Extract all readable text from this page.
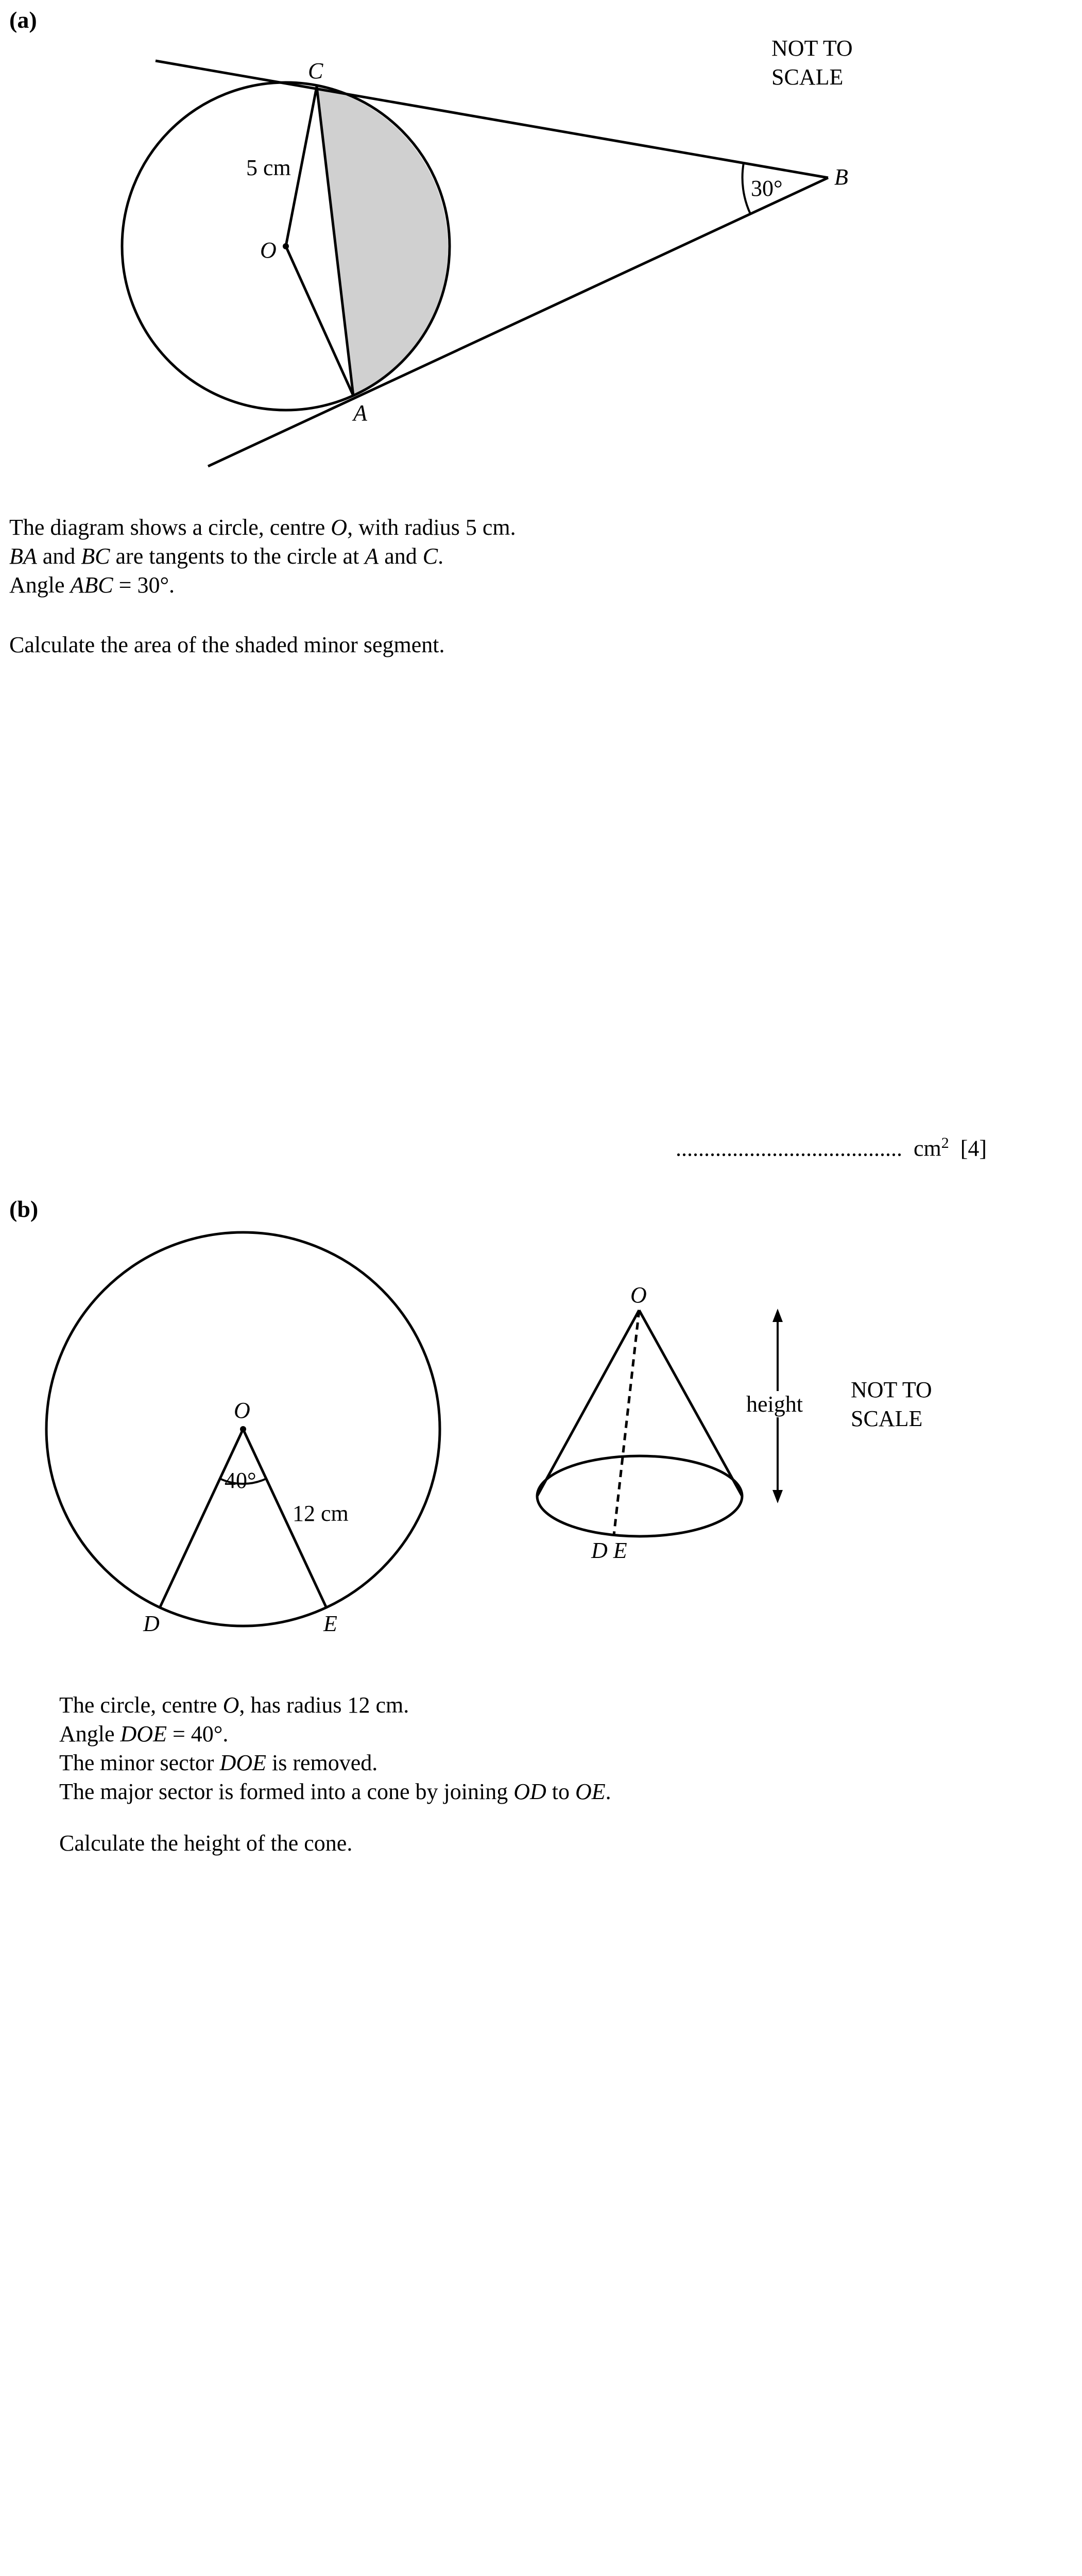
(a)
C
B
O
A
5 cm
30°
NOT TO
SCALE
The diagram shows a circle, centre O, with radius 5 cm.
BA and BC are tangents to the circle at A and C.
Angle ABC = 30°.
Calculate the area of the shaded minor segment.
........................................ $cm^2$ [4]
(b)
O
40°
12 cm
D	E
O
height
D E
NOT TO
SCALE
The circle, centre O, has radius 12 cm.
Angle DOE = 40°.
The minor sector DOE is removed.
The major sector is formed into a cone by joining OD to OE.
Calculate the height of the cone.
